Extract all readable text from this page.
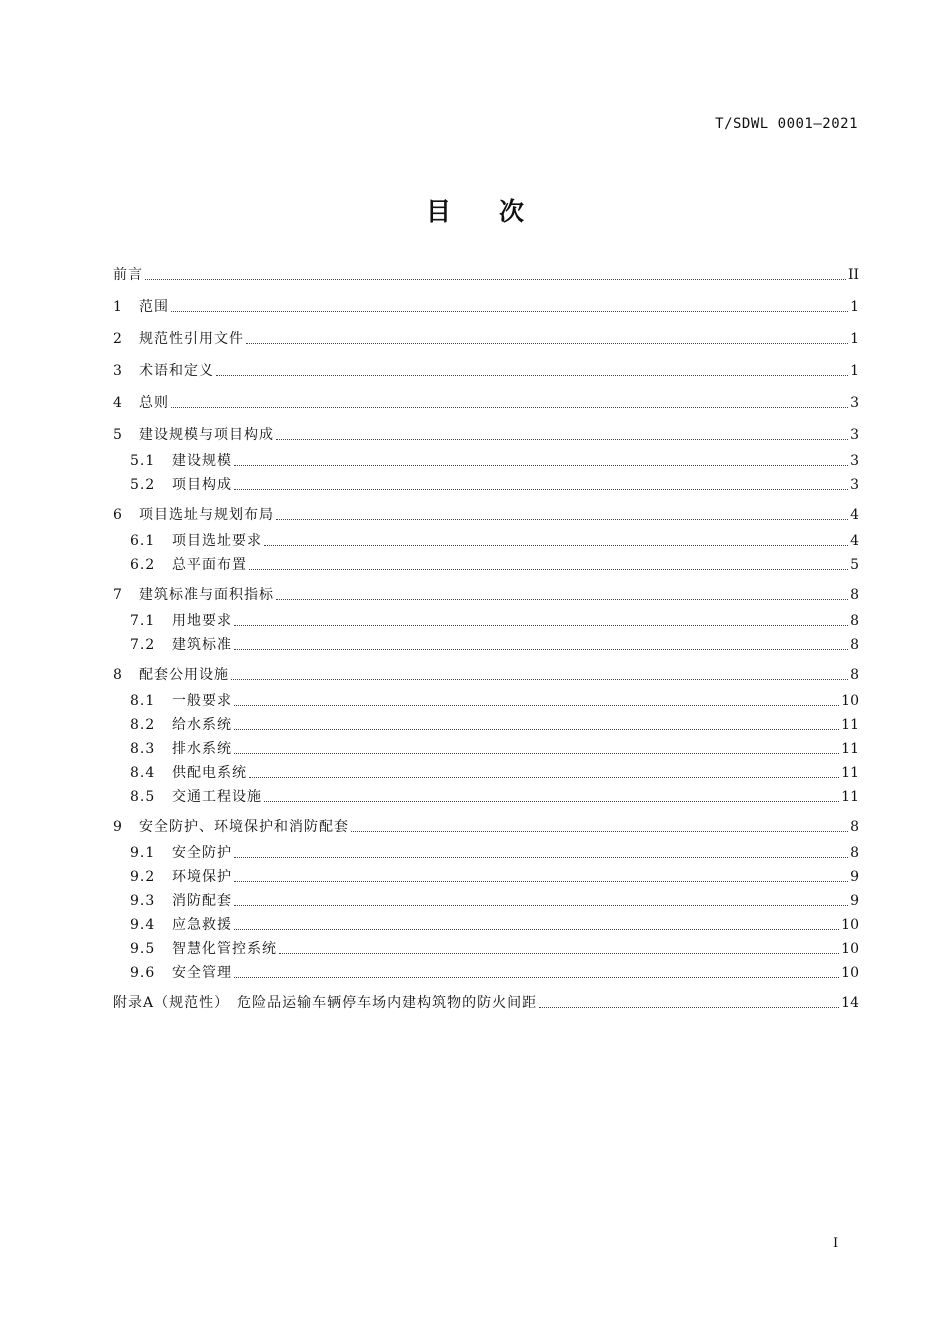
T/SDWL 0001—2021
目 次
前言	II
1	范围	1
2	规范性引用文件	1
3	术语和定义	1
4	总则	3
5	建设规模与项目构成	3
5.1	建设规模	3
5.2	项目构成	3
6	项目选址与规划布局	4
6.1	项目选址要求	4
6.2	总平面布置	5
7	建筑标准与面积指标	8
7.1	用地要求	8
7.2	建筑标准	8
8	配套公用设施	8
8.1	一般要求	10
8.2	给水系统	11
8.3	排水系统	11
8.4	供配电系统	11
8.5	交通工程设施	11
9	安全防护、环境保护和消防配套	8
9.1	安全防护	8
9.2	环境保护	9
9.3	消防配套	9
9.4	应急救援	10
9.5	智慧化管控系统	10
9.6	安全管理	10
附录A（规范性）　危险品运输车辆停车场内建构筑物的防火间距	14
I
